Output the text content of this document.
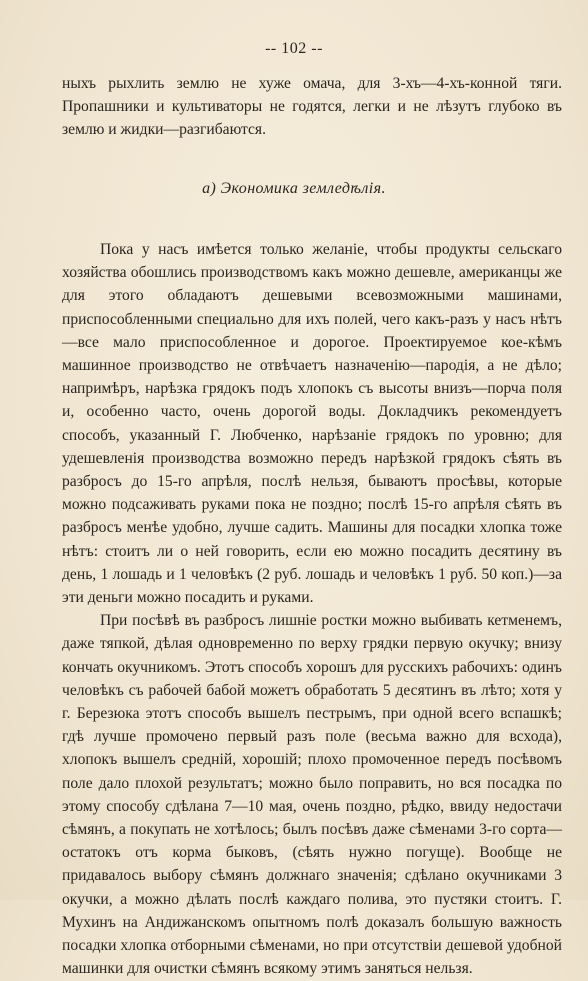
-- 102 --
ныхъ рыхлить землю не хуже омача, для 3-хъ—4-хъ-конной тяги. Пропашники и культиваторы не годятся, легки и не лѣзутъ глубоко въ землю и жидки—разгибаются.
а) Экономика земледѣлія.

Пока у насъ имѣется только желаніе, чтобы продукты сельскаго хозяйства обошлись производствомъ какъ можно дешевле, американцы же для этого обладаютъ дешевыми всевозможными машинами, приспособленными специально для ихъ полей, чего какъ-разъ у насъ нѣтъ—все мало приспособленное и дорогое. Проектируемое кое-кѣмъ машинное производство не отвѣчаетъ назначенію—пародія, а не дѣло; напримѣръ, нарѣзка грядокъ подъ хлопокъ съ высоты внизъ—порча поля и, особенно часто, очень дорогой воды. Докладчикъ рекомендуетъ способъ, указанный Г. Любченко, нарѣзаніе грядокъ по уровню; для удешевленія производства возможно передъ нарѣзкой грядокъ сѣять въ разбросъ до 15-го апрѣля, послѣ нельзя, бываютъ просѣвы, которые можно подсаживать руками пока не поздно; послѣ 15-го апрѣля сѣять въ разбросъ менѣе удобно, лучше садить. Машины для посадки хлопка тоже нѣтъ: стоитъ ли о ней говорить, если ею можно посадить десятину въ день, 1 лошадь и 1 человѣкъ (2 руб. лошадь и человѣкъ 1 руб. 50 коп.)—за эти деньги можно посадить и руками.

При посѣвѣ въ разбросъ лишніе ростки можно выбивать кетменемъ, даже тяпкой, дѣлая одновременно по верху грядки первую окучку; внизу кончать окучникомъ. Этотъ способъ хорошъ для русскихъ рабочихъ: одинъ человѣкъ съ рабочей бабой можетъ обработать 5 десятинъ въ лѣто; хотя у г. Березюка этотъ способъ вышелъ пестрымъ, при одной всего вспашкѣ; гдѣ лучше промочено первый разъ поле (весьма важно для всхода), хлопокъ вышелъ средній, хорошій; плохо промоченное передъ посѣвомъ поле дало плохой результатъ; можно было поправить, но вся посадка по этому способу сдѣлана 7—10 мая, очень поздно, рѣдко, ввиду недостачи сѣмянъ, а покупать не хотѣлось; былъ посѣвъ даже сѣменами 3-го сорта—остатокъ отъ корма быковъ, (сѣять нужно погуще). Вообще не придавалось выбору сѣмянъ должнаго значенія; сдѣлано окучниками 3 окучки, а можно дѣлать послѣ каждаго полива, это пустяки стоитъ. Г. Мухинъ на Андижанскомъ опытномъ полѣ доказалъ большую важность посадки хлопка отборными сѣменами, но при отсутствіи дешевой удобной машинки для очистки сѣмянъ всякому этимъ заняться нельзя.
